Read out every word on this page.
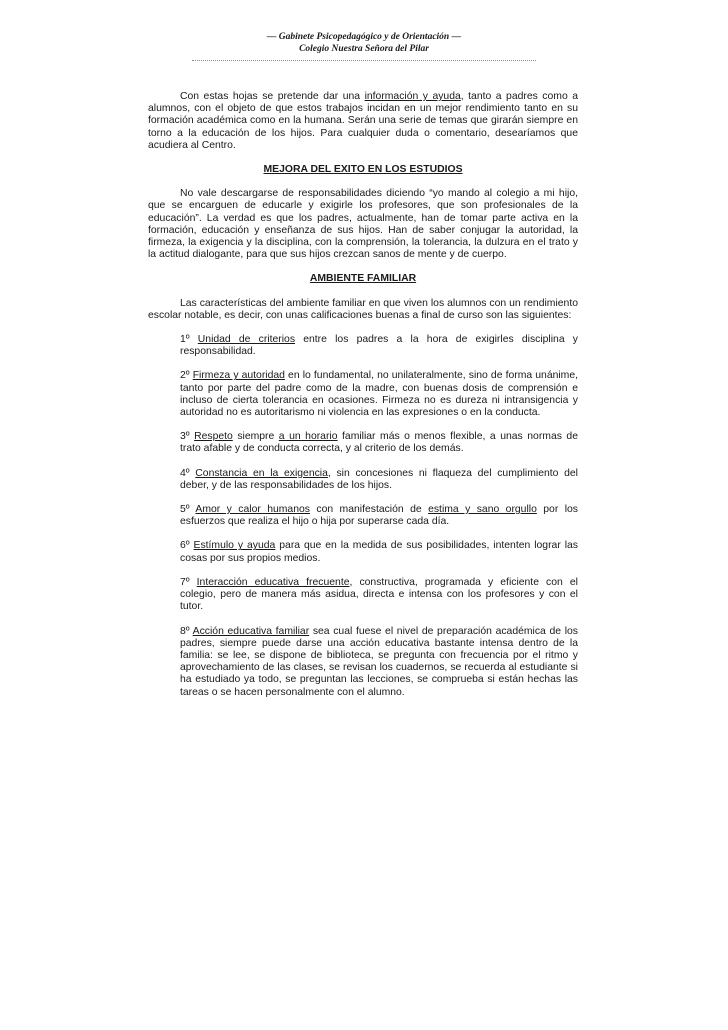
— Gabinete Psicopedagógico y de Orientación —
Colegio Nuestra Señora del Pilar

Con estas hojas se pretende dar una información y ayuda, tanto a padres como a alumnos, con el objeto de que estos trabajos incidan en un mejor rendimiento tanto en su formación académica como en la humana. Serán una serie de temas que girarán siempre en torno a la educación de los hijos. Para cualquier duda o comentario, desearíamos que acudiera al Centro.

MEJORA DEL EXITO EN LOS ESTUDIOS

No vale descargarse de responsabilidades diciendo “yo mando al colegio a mi hijo, que se encarguen de educarle y exigirle los profesores, que son profesionales de la educación”. La verdad es que los padres, actualmente, han de tomar parte activa en la formación, educación y enseñanza de sus hijos. Han de saber conjugar la autoridad, la firmeza, la exigencia y la disciplina, con la comprensión, la tolerancia, la dulzura en el trato y la actitud dialogante, para que sus hijos crezcan sanos de mente y de cuerpo.

AMBIENTE FAMILIAR

Las características del ambiente familiar en que viven los alumnos con un rendimiento escolar notable, es decir, con unas calificaciones buenas a final de curso son las siguientes:

1º Unidad de criterios entre los padres a la hora de exigirles disciplina y responsabilidad.

2º Firmeza y autoridad en lo fundamental, no unilateralmente, sino de forma unánime, tanto por parte del padre como de la madre, con buenas dosis de comprensión e incluso de cierta tolerancia en ocasiones. Firmeza no es dureza ni intransigencia y autoridad no es autoritarismo ni violencia en las expresiones o en la conducta.

3º Respeto siempre a un horario familiar más o menos flexible, a unas normas de trato afable y de conducta correcta, y al criterio de los demás.

4º Constancia en la exigencia, sin concesiones ni flaqueza del cumplimiento del deber, y de las responsabilidades de los hijos.

5º Amor y calor humanos con manifestación de estima y sano orgullo por los esfuerzos que realiza el hijo o hija por superarse cada día.

6º Estímulo y ayuda para que en la medida de sus posibilidades, intenten lograr las cosas por sus propios medios.

7º Interacción educativa frecuente, constructiva, programada y eficiente con el colegio, pero de manera más asidua, directa e intensa con los profesores y con el tutor.

8º Acción educativa familiar sea cual fuese el nivel de preparación académica de los padres, siempre puede darse una acción educativa bastante intensa dentro de la familia: se lee, se dispone de biblioteca, se pregunta con frecuencia por el ritmo y aprovechamiento de las clases, se revisan los cuadernos, se recuerda al estudiante si ha estudiado ya todo, se preguntan las lecciones, se comprueba si están hechas las tareas o se hacen personalmente con el alumno.
